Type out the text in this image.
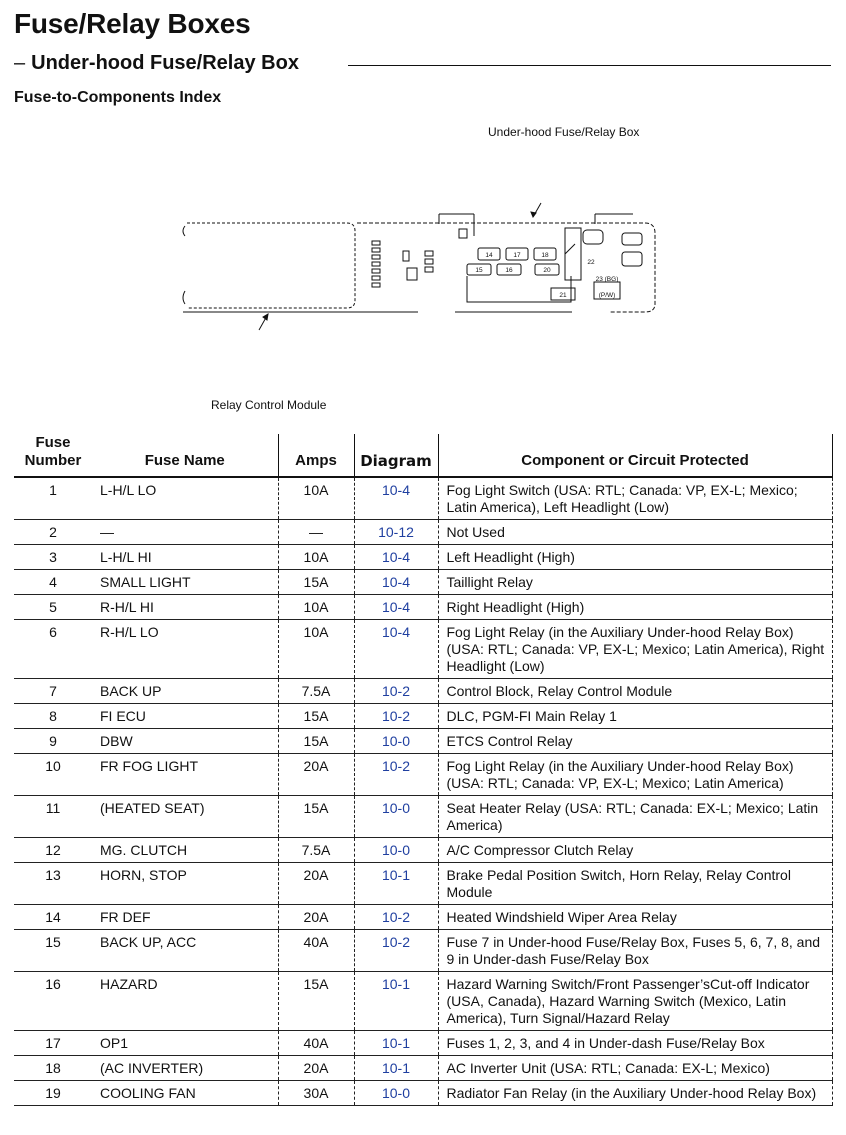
Fuse/Relay Boxes
– Under-hood Fuse/Relay Box
Fuse-to-Components Index
Under-hood Fuse/Relay Box
Relay Control Module
14	17	18
15	16	20
22
23 (BG)
(P/W)
21
Fuse
Number	Fuse Name	Amps	Diagram	Component or Circuit Protected
1	L-H/L LO	10A	10-4	Fog Light Switch (USA: RTL; Canada: VP, EX-L; Mexico; Latin America), Left Headlight (Low)
2	—	—	10-12	Not Used
3	L-H/L HI	10A	10-4	Left Headlight (High)
4	SMALL LIGHT	15A	10-4	Taillight Relay
5	R-H/L HI	10A	10-4	Right Headlight (High)
6	R-H/L LO	10A	10-4	Fog Light Relay (in the Auxiliary Under-hood Relay Box) (USA: RTL; Canada: VP, EX-L; Mexico; Latin America), Right Headlight (Low)
7	BACK UP	7.5A	10-2	Control Block, Relay Control Module
8	FI ECU	15A	10-2	DLC, PGM-FI Main Relay 1
9	DBW	15A	10-0	ETCS Control Relay
10	FR FOG LIGHT	20A	10-2	Fog Light Relay (in the Auxiliary Under-hood Relay Box) (USA: RTL; Canada: VP, EX-L; Mexico; Latin America)
11	(HEATED SEAT)	15A	10-0	Seat Heater Relay (USA: RTL; Canada: EX-L; Mexico; Latin America)
12	MG. CLUTCH	7.5A	10-0	A/C Compressor Clutch Relay
13	HORN, STOP	20A	10-1	Brake Pedal Position Switch, Horn Relay, Relay Control Module
14	FR DEF	20A	10-2	Heated Windshield Wiper Area Relay
15	BACK UP, ACC	40A	10-2	Fuse 7 in Under-hood Fuse/Relay Box, Fuses 5, 6, 7, 8, and 9 in Under-dash Fuse/Relay Box
16	HAZARD	15A	10-1	Hazard Warning Switch/Front Passenger’sCut-off Indicator (USA, Canada), Hazard Warning Switch (Mexico, Latin America), Turn Signal/Hazard Relay
17	OP1	40A	10-1	Fuses 1, 2, 3, and 4 in Under-dash Fuse/Relay Box
18	(AC INVERTER)	20A	10-1	AC Inverter Unit (USA: RTL; Canada: EX-L; Mexico)
19	COOLING FAN	30A	10-0	Radiator Fan Relay (in the Auxiliary Under-hood Relay Box)
